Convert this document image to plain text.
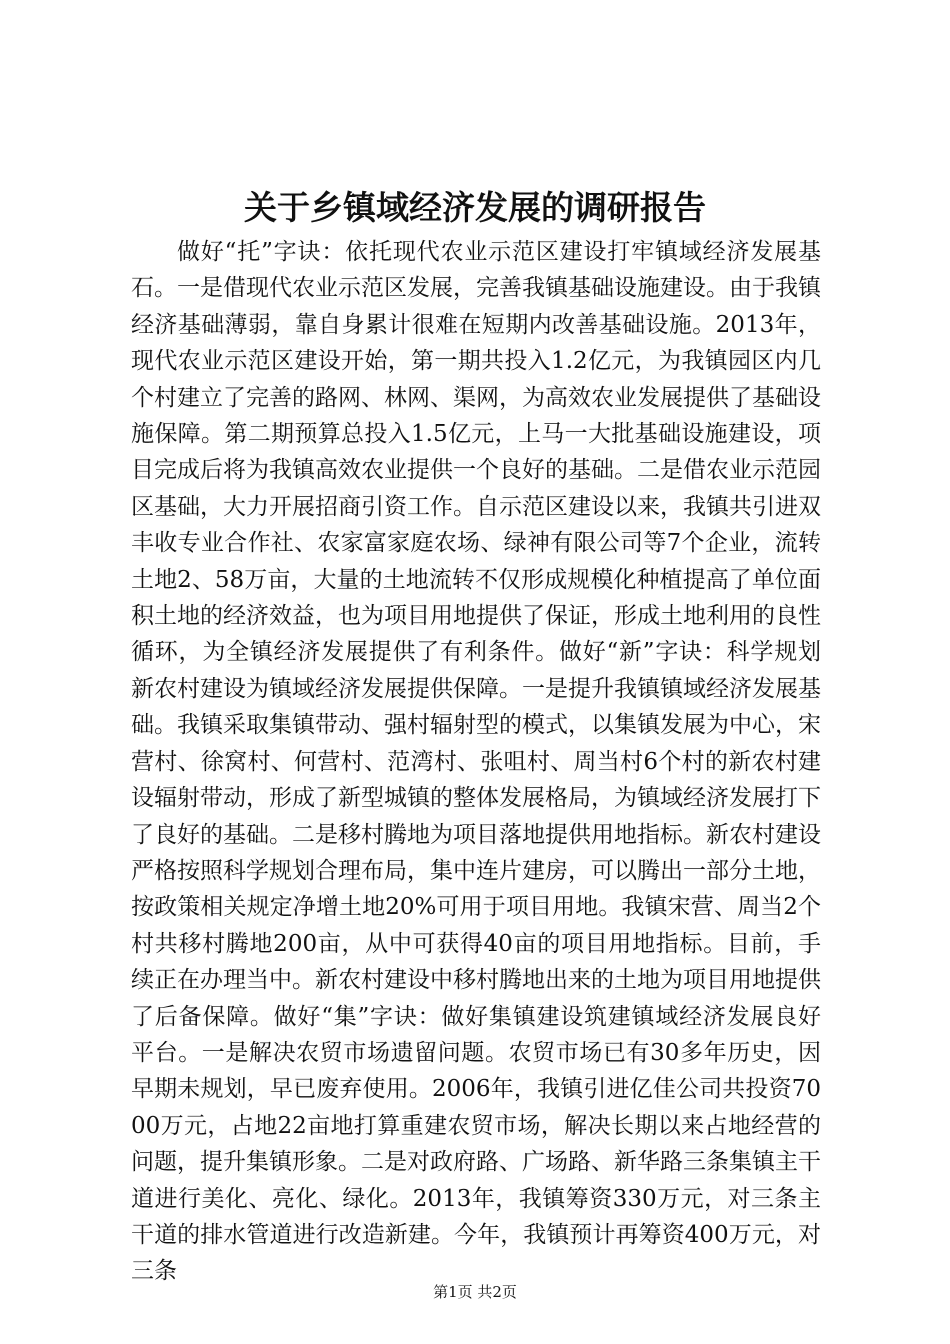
关于乡镇域经济发展的调研报告

做好“托”字诀：依托现代农业示范区建设打牢镇域经济发展基石。一是借现代农业示范区发展，完善我镇基础设施建设。由于我镇经济基础薄弱，靠自身累计很难在短期内改善基础设施。2013年，现代农业示范区建设开始，第一期共投入1.2亿元，为我镇园区内几个村建立了完善的路网、林网、渠网，为高效农业发展提供了基础设施保障。第二期预算总投入1.5亿元，上马一大批基础设施建设，项目完成后将为我镇高效农业提供一个良好的基础。二是借农业示范园区基础，大力开展招商引资工作。自示范区建设以来，我镇共引进双丰收专业合作社、农家富家庭农场、绿神有限公司等7个企业，流转土地2、58万亩，大量的土地流转不仅形成规模化种植提高了单位面积土地的经济效益，也为项目用地提供了保证，形成土地利用的良性循环，为全镇经济发展提供了有利条件。做好“新”字诀：科学规划新农村建设为镇域经济发展提供保障。一是提升我镇镇域经济发展基础。我镇采取集镇带动、强村辐射型的模式，以集镇发展为中心，宋营村、徐窝村、何营村、范湾村、张咀村、周当村6个村的新农村建设辐射带动，形成了新型城镇的整体发展格局，为镇域经济发展打下了良好的基础。二是移村腾地为项目落地提供用地指标。新农村建设严格按照科学规划合理布局，集中连片建房，可以腾出一部分土地，按政策相关规定净增土地20%可用于项目用地。我镇宋营、周当2个村共移村腾地200亩，从中可获得40亩的项目用地指标。目前，手续正在办理当中。新农村建设中移村腾地出来的土地为项目用地提供了后备保障。做好“集”字诀：做好集镇建设筑建镇域经济发展良好平台。一是解决农贸市场遗留问题。农贸市场已有30多年历史，因早期未规划，早已废弃使用。2006年，我镇引进亿佳公司共投资7000万元，占地22亩地打算重建农贸市场，解决长期以来占地经营的问题，提升集镇形象。二是对政府路、广场路、新华路三条集镇主干道进行美化、亮化、绿化。2013年，我镇筹资330万元，对三条主干道的排水管道进行改造新建。今年，我镇预计再筹资400万元，对三条

第1页 共2页
